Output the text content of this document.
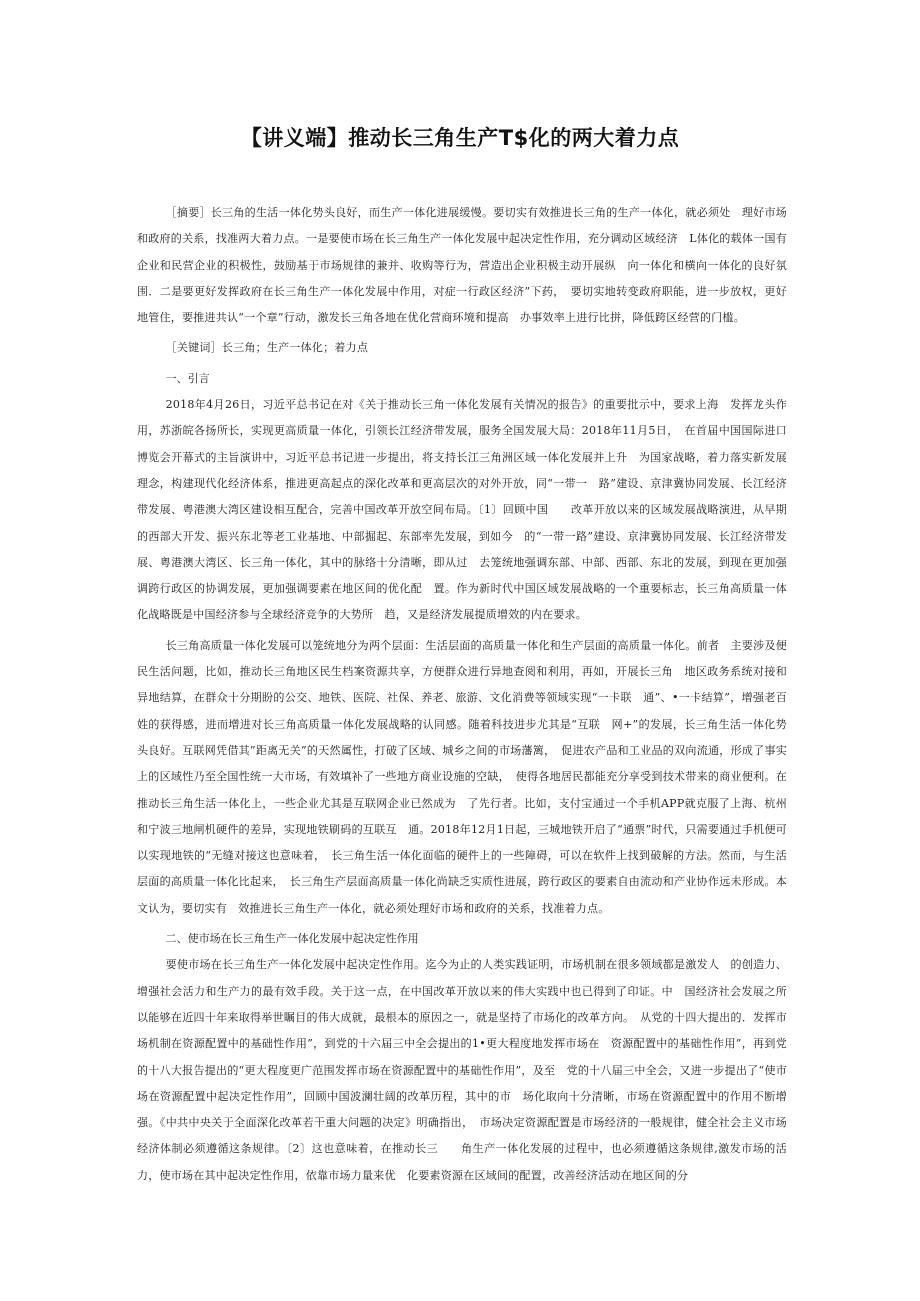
【讲义端】推动长三角生产T$化的两大着力点

［摘要］长三角的生活一体化势头良好，而生产一体化进展缓慢。要切实有效推进长三角的生产一体化，就必须处　理好市场和政府的关系，找准两大着力点。一是要使市场在长三角生产一体化发展中起决定性作用，充分调动区域经济　L体化的载体一国有企业和民营企业的积极性，鼓励基于市场规律的兼并、收购等行为，营造出企业积极主动开展纵　向一体化和横向一体化的良好氛围．二是要更好发挥政府在长三角生产一体化发展中作用，对症一行政区经济”下药，　要切实地转变政府职能，进一步放权，更好地管住，要推进共认“一个章”行动，激发长三角各地在优化营商环境和提高　办事效率上进行比拼，降低跨区经营的门槛。

［关键词］长三角；生产一体化；着力点

一、引言

2018年4月26日，习近平总书记在对《关于推动长三角一体化发展有关情况的报告》的重要批示中，要求上海　发挥龙头作用，苏浙皖各扬所长，实现更高质量一体化，引领长江经济带发展，服务全国发展大局：2018年11月5日，　在首届中国国际进口博览会开幕式的主旨演讲中，习近平总书记进一步提出，将支持长江三角洲区域一体化发展并上升　为国家战略，着力落实新发展理念，构建现代化经济体系，推进更高起点的深化改革和更高层次的对外开放，同“一带一　路”建设、京津冀协同发展、长江经济带发展、粤港澳大湾区建设相互配合，完善中国改革开放空间布局。〔1〕回顾中国　　改革开放以来的区域发展战略演进，从早期的西部大开发、振兴东北等老工业基地、中部掘起、东部率先发展，到如今　的“一带一路”建设、京津冀协同发展、长江经济带发展、粤港澳大湾区、长三角一体化，其中的脉络十分清晰，即从过　去笼统地强调东部、中部、西部、东北的发展，到现在更加强调跨行政区的协调发展，更加强调要素在地区间的优化配　置。作为新时代中国区域发展战略的一个重要标志，长三角高质量一体化战略既是中国经济参与全球经济竞争的大势所　趋，又是经济发展提质增效的内在要求。

长三角高质量一体化发展可以笼统地分为两个层面：生活层面的高质量一体化和生产层面的高质量一体化。前者　主要涉及便民生活问题，比如，推动长三角地区民生档案资源共享，方便群众进行异地查阅和利用，再如，开展长三角　地区政务系统对接和异地结算，在群众十分期盼的公交、地铁、医院、社保、养老、旅游、文化消费等领域实现“一卡联　通”、•一卡结算”，增强老百姓的获得感，进而增进对长三角高质量一体化发展战略的认同感。随着科技进步尤其是“互联　网+”的发展，长三角生活一体化势头良好。互联网凭借其”距离无关”的天然属性，打破了区域、城乡之间的市场藩篱，　促进农产品和工业品的双向流通，形成了事实上的区域性乃至全国性统一大市场，有效填补了一些地方商业设施的空缺，　使得各地居民都能充分享受到技术带来的商业便利。在推动长三角生活一体化上，一些企业尤其是互联网企业已然成为　了先行者。比如，支付宝通过一个手机APP就克服了上海、杭州和宁波三地闸机硬件的差异，实现地铁刷码的互联互　通。2018年12月1日起，三城地铁开启了“通票”时代，只需要通过手机便可以实现地铁的“无缝对接这也意味着，　长三角生活一体化面临的硬件上的一些障碍，可以在软件上找到破解的方法。然而，与生活层面的高质量一体化比起来，　长三角生产层面高质量一体化尚缺乏实质性进展，跨行政区的要素自由流动和产业协作远未形成。本文认为，要切实有　效推进长三角生产一体化，就必须处理好市场和政府的关系，找准着力点。

二、使市场在长三角生产一体化发展中起决定性作用

要使市场在长三角生产一体化发展中起决定性作用。迄今为止的人类实践证明，市场机制在很多领域都是激发人　的创造力、增强社会活力和生产力的最有效手段。关于这一点，在中国改革开放以来的伟大实践中也已得到了印证。中　国经济社会发展之所以能够在近四十年来取得举世瞩目的伟大成就，最根本的原因之一，就是坚持了市场化的改革方向。　从党的十四大提出的．发挥市场机制在资源配置中的基础性作用”，到党的十六届三中全会提出的1•更大程度地发挥市场在　资源配置中的基础性作用”，再到党的十八大报告提出的“更大程度更广范围发挥市场在资源配置中的基础性作用”，及至　党的十八届三中全会，又进一步提出了“使市场在资源配置中起决定性作用”，回顾中国波澜壮阔的改革历程，其中的市　场化取向十分清晰，市场在资源配置中的作用不断增强。《中共中央关于全面深化改革若干重大问题的决定》明确指出，　市场决定资源配置是市场经济的一般规律，健全社会主义市场经济体制必须遵循这条规律。〔2〕这也意味着，在推动长三　　角生产一体化发展的过程中，也必须遵循这条规律,激发市场的活力，使市场在其中起决定性作用，依靠市场力量来优　化要素资源在区域间的配置，改善经济活动在地区间的分
